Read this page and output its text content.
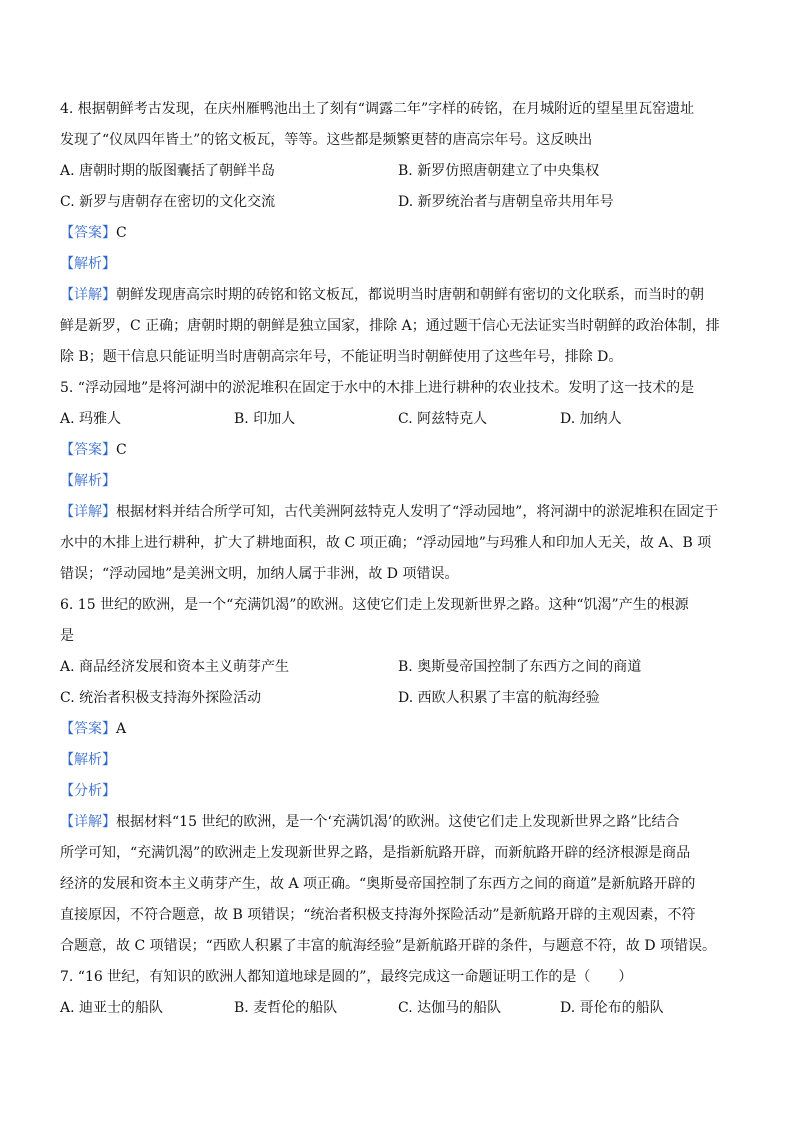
4. 根据朝鲜考古发现，在庆州雁鸭池出土了刻有“调露二年”字样的砖铭，在月城附近的望星里瓦窑遗址
发现了“仪凤四年皆土”的铭文板瓦，等等。这些都是频繁更替的唐高宗年号。这反映出
A. 唐朝时期的版图囊括了朝鲜半岛	B. 新罗仿照唐朝建立了中央集权
C. 新罗与唐朝存在密切的文化交流	D. 新罗统治者与唐朝皇帝共用年号
【答案】C
【解析】
【详解】朝鲜发现唐高宗时期的砖铭和铭文板瓦，都说明当时唐朝和朝鲜有密切的文化联系，而当时的朝
鲜是新罗，C 正确；唐朝时期的朝鲜是独立国家，排除 A；通过题干信心无法证实当时朝鲜的政治体制，排
除 B；题干信息只能证明当时唐朝高宗年号，不能证明当时朝鲜使用了这些年号，排除 D。
5. “浮动园地”是将河湖中的淤泥堆积在固定于水中的木排上进行耕种的农业技术。发明了这一技术的是
A. 玛雅人	B. 印加人	C. 阿兹特克人	D. 加纳人
【答案】C
【解析】
【详解】根据材料并结合所学可知，古代美洲阿兹特克人发明了“浮动园地”，将河湖中的淤泥堆积在固定于
水中的木排上进行耕种，扩大了耕地面积，故 C 项正确；“浮动园地”与玛雅人和印加人无关，故 A、B 项
错误；“浮动园地”是美洲文明，加纳人属于非洲，故 D 项错误。
6. 15 世纪的欧洲，是一个“充满饥渴”的欧洲。这使它们走上发现新世界之路。这种“饥渴”产生的根源
是
A. 商品经济发展和资本主义萌芽产生	B. 奥斯曼帝国控制了东西方之间的商道
C. 统治者积极支持海外探险活动	D. 西欧人积累了丰富的航海经验
【答案】A
【解析】
【分析】
【详解】根据材料“15 世纪的欧洲，是一个‘充满饥渴’的欧洲。这使它们走上发现新世界之路”比结合
所学可知，“充满饥渴”的欧洲走上发现新世界之路，是指新航路开辟，而新航路开辟的经济根源是商品
经济的发展和资本主义萌芽产生，故 A 项正确。“奥斯曼帝国控制了东西方之间的商道”是新航路开辟的
直接原因，不符合题意，故 B 项错误；“统治者积极支持海外探险活动”是新航路开辟的主观因素，不符
合题意，故 C 项错误；“西欧人积累了丰富的航海经验”是新航路开辟的条件，与题意不符，故 D 项错误。
7. “16 世纪，有知识的欧洲人都知道地球是圆的”，最终完成这一命题证明工作的是（　　）
A. 迪亚士的船队	B. 麦哲伦的船队	C. 达伽马的船队	D. 哥伦布的船队
